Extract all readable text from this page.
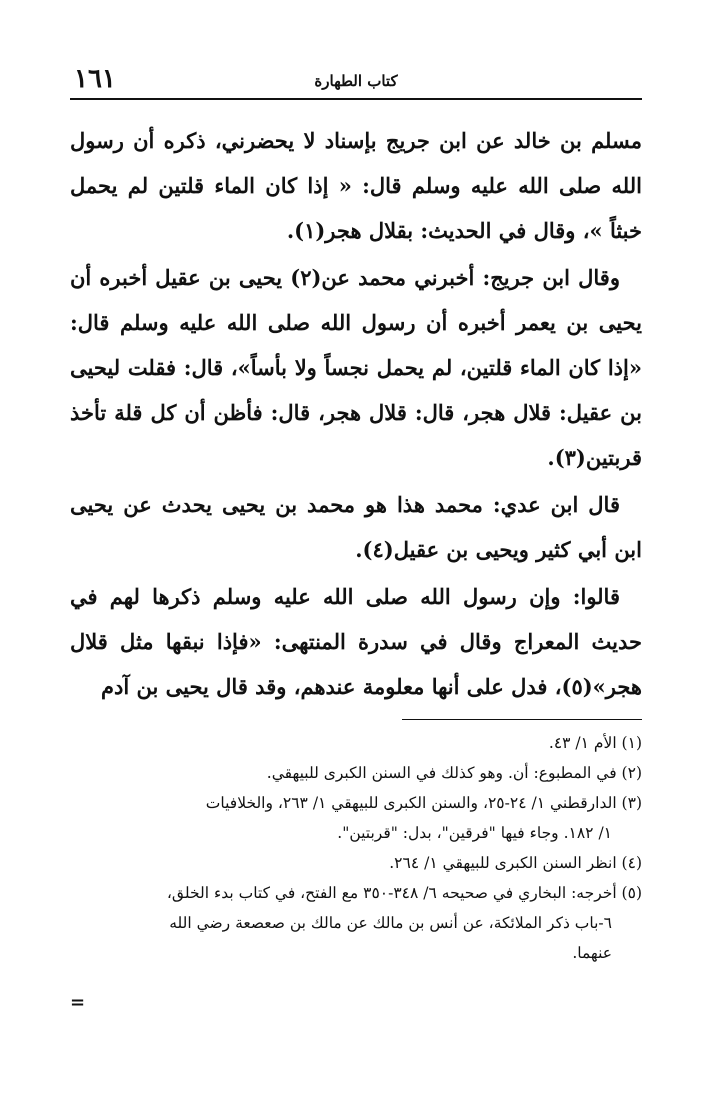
١٦١	كتاب الطهارة

مسلم بن خالد عن ابن جريج بإسناد لا يحضرني، ذكره أن رسول الله صلى الله عليه وسلم قال: « إذا كان الماء قلتين لم يحمل خبثاً »، وقال في الحديث: بقلال هجر(١).

وقال ابن جريج: أخبرني محمد عن(٢) يحيى بن عقيل أخبره أن يحيى بن يعمر أخبره أن رسول الله صلى الله عليه وسلم قال: «إذا كان الماء قلتين، لم يحمل نجساً ولا بأساً»، قال: فقلت ليحيى بن عقيل: قلال هجر، قال: قلال هجر، قال: فأظن أن كل قلة تأخذ قربتين(٣).

قال ابن عدي: محمد هذا هو محمد بن يحيى يحدث عن يحيى ابن أبي كثير ويحيى بن عقيل(٤).

قالوا: وإن رسول الله صلى الله عليه وسلم ذكرها لهم في حديث المعراج وقال في سدرة المنتهى: «فإذا نبقها مثل قلال هجر»(٥)، فدل على أنها معلومة عندهم، وقد قال يحيى بن آدم

(١) الأم ١/ ٤٣.

(٢) في المطبوع: أن. وهو كذلك في السنن الكبرى للبيهقي.

(٣) الدارقطني ١/ ٢٤-٢٥، والسنن الكبرى للبيهقي ١/ ٢٦٣، والخلافيات

١/ ١٨٢. وجاء فيها "فرقين"، بدل: "قربتين".

(٤) انظر السنن الكبرى للبيهقي ١/ ٢٦٤.

(٥) أخرجه: البخاري في صحيحه ٦/ ٣٤٨-٣٥٠ مع الفتح، في كتاب بدء الخلق،

٦-باب ذكر الملائكة، عن أنس بن مالك عن مالك بن صعصعة رضي الله

عنهما.

=
